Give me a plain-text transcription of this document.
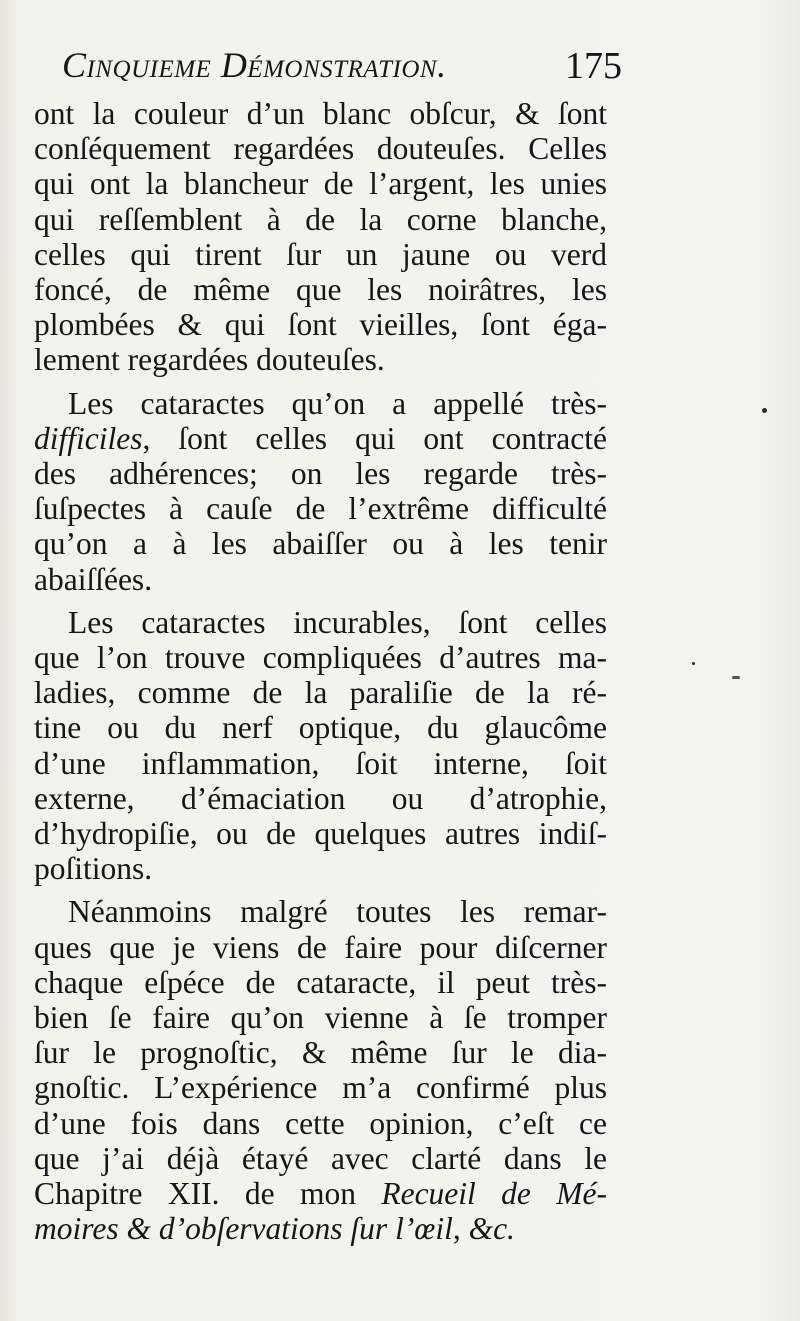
Cinquieme Démonstration.	175
ont la couleur d’un blanc obſcur, & ſont
conſéquement regardées douteuſes. Celles
qui ont la blancheur de l’argent, les unies
qui reſſemblent à de la corne blanche,
celles qui tirent ſur un jaune ou verd
foncé, de même que les noirâtres, les
plombées & qui ſont vieilles, ſont éga-
lement regardées douteuſes.
Les cataractes qu’on a appellé très-
difficiles, ſont celles qui ont contracté
des adhérences; on les regarde très-
ſuſpectes à cauſe de l’extrême difficulté
qu’on a à les abaiſſer ou à les tenir
abaiſſées.
Les cataractes incurables, ſont celles
que l’on trouve compliquées d’autres ma-
ladies, comme de la paraliſie de la ré-
tine ou du nerf optique, du glaucôme
d’une inflammation, ſoit interne, ſoit
externe, d’émaciation ou d’atrophie,
d’hydropiſie, ou de quelques autres indiſ-
poſitions.
Néanmoins malgré toutes les remar-
ques que je viens de faire pour diſcerner
chaque eſpéce de cataracte, il peut très-
bien ſe faire qu’on vienne à ſe tromper
ſur le prognoſtic, & même ſur le dia-
gnoſtic. L’expérience m’a confirmé plus
d’une fois dans cette opinion, c’eſt ce
que j’ai déjà étayé avec clarté dans le
Chapitre XII. de mon Recueil de Mé-
moires & d’obſervations ſur l’œil, &c.
